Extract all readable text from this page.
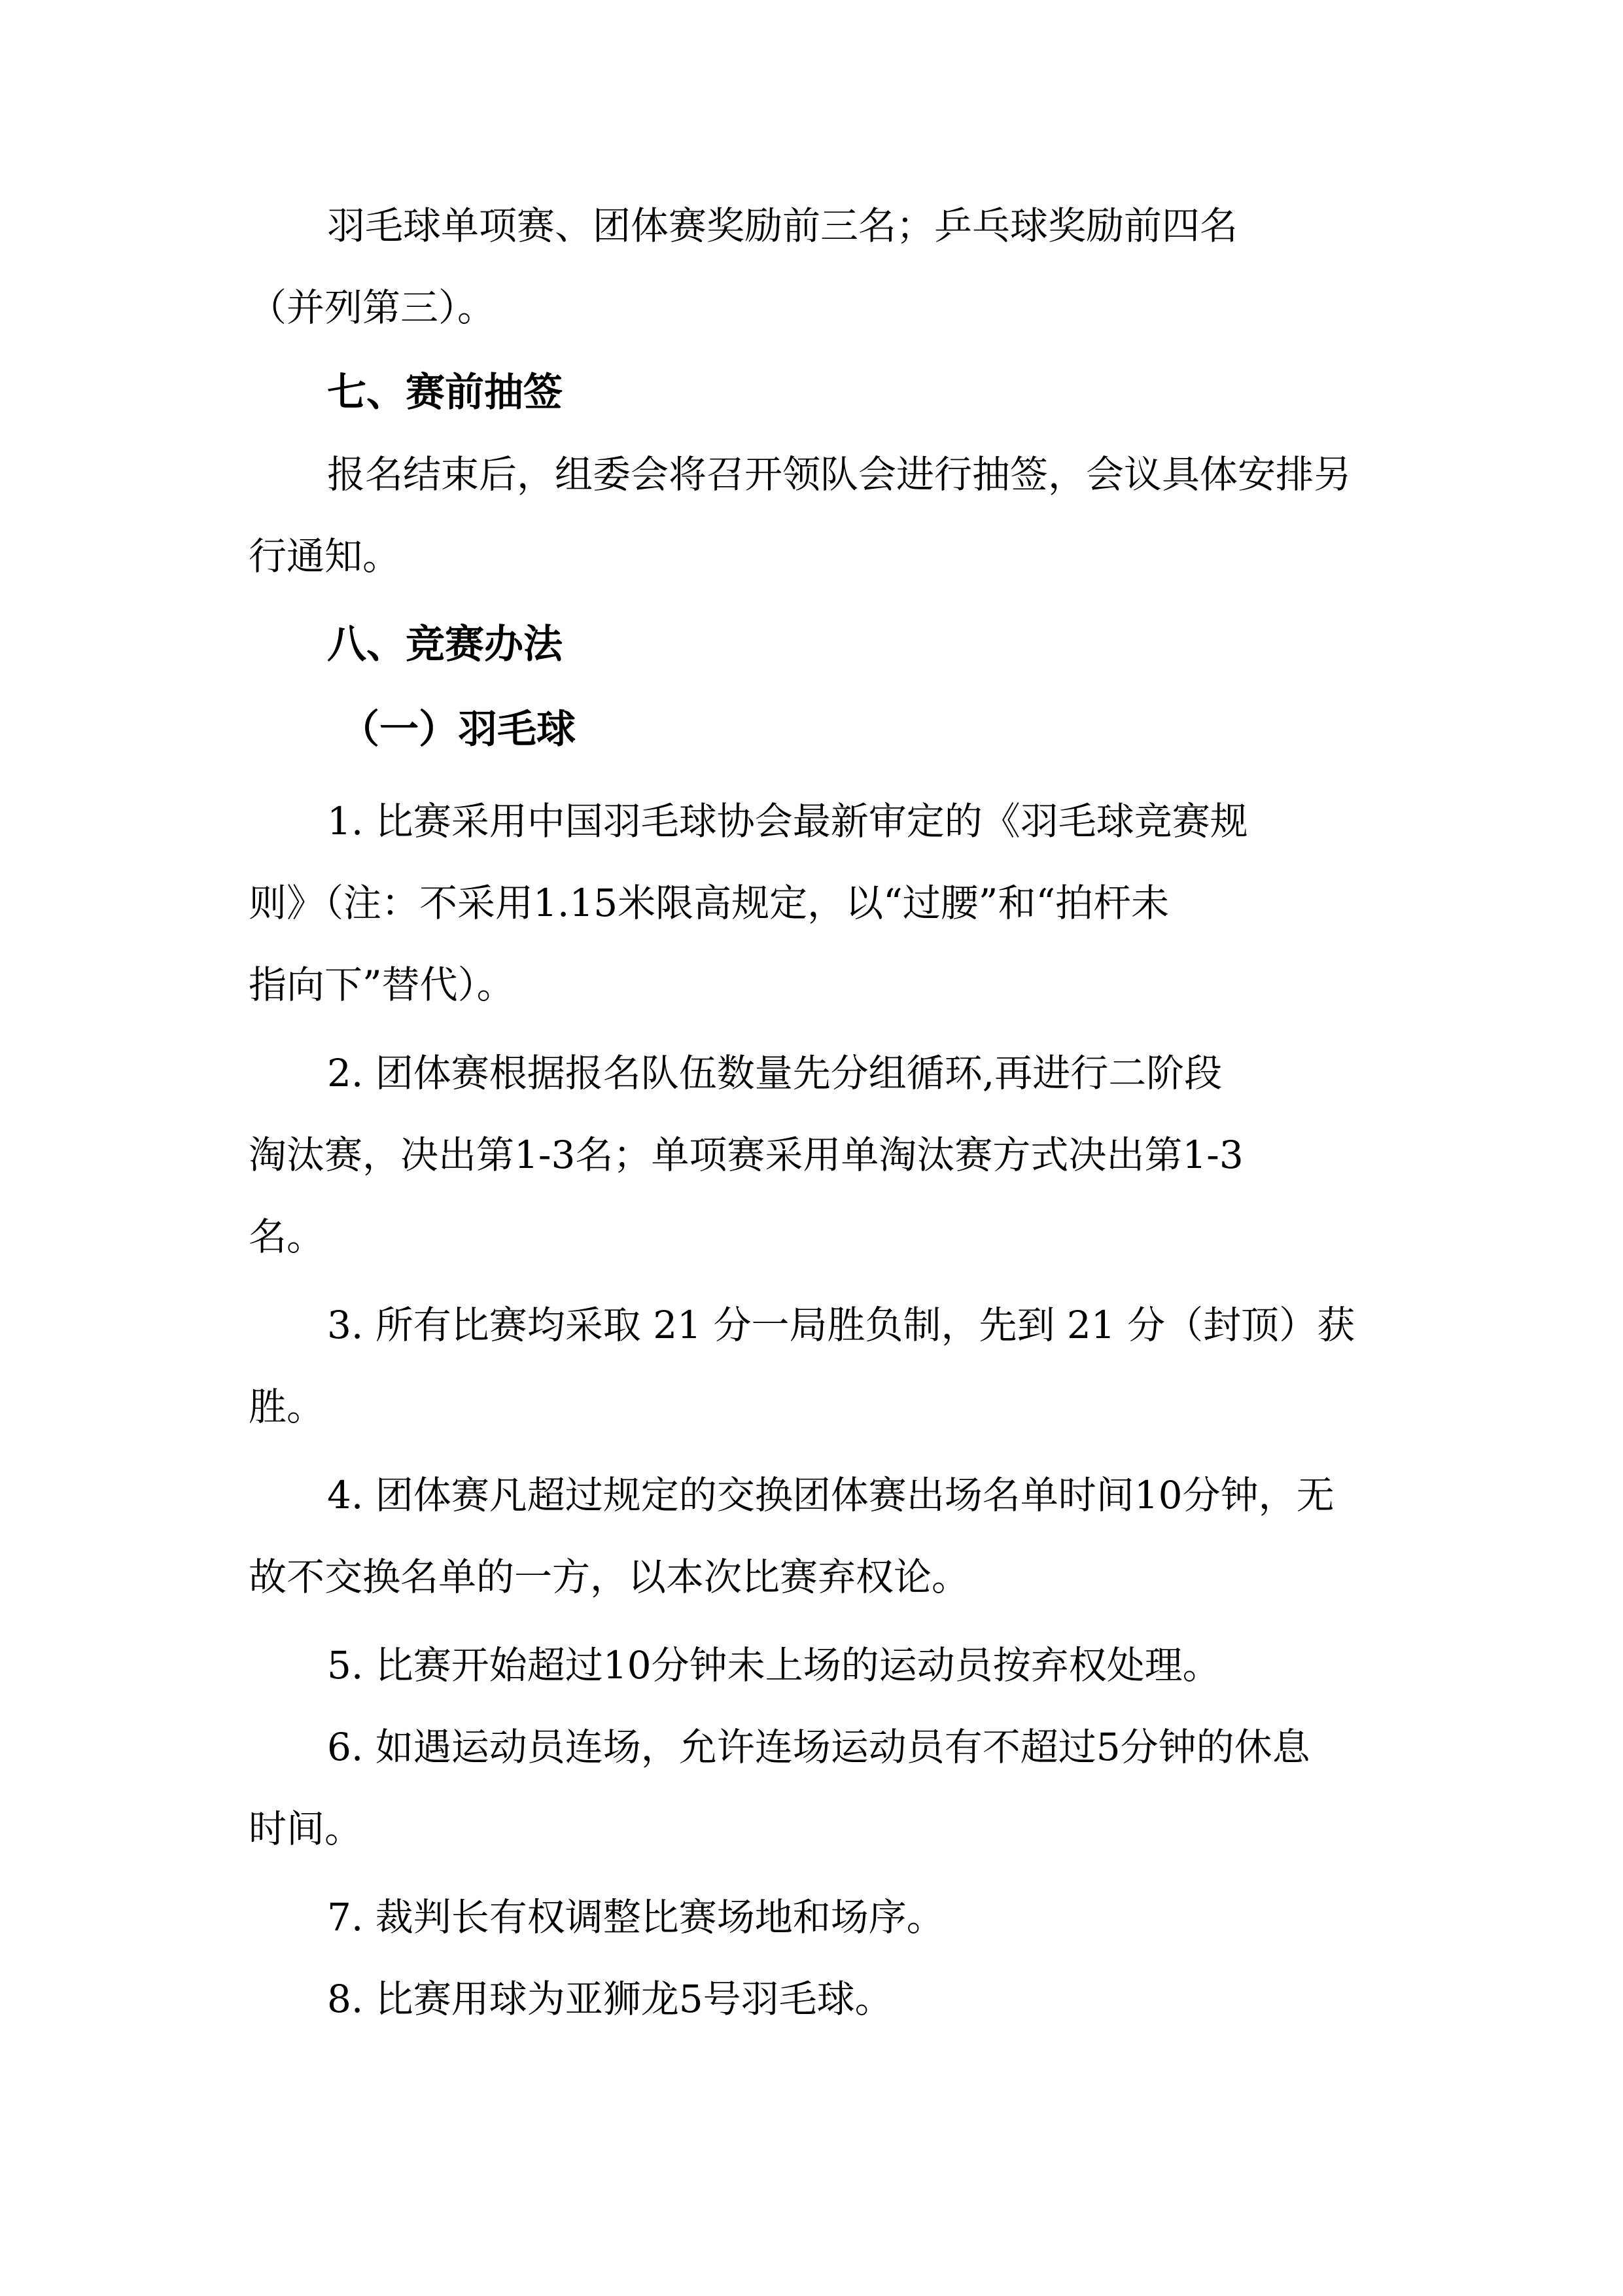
羽毛球单项赛、团体赛奖励前三名；乒乓球奖励前四名
（并列第三）。
七、赛前抽签
报名结束后，组委会将召开领队会进行抽签，会议具体安排另
行通知。
八、竞赛办法
（一）羽毛球
1. 比赛采用中国羽毛球协会最新审定的《羽毛球竞赛规
则》（注：不采用1.15米限高规定，以“过腰”和“拍杆未
指向下”替代）。
2. 团体赛根据报名队伍数量先分组循环,再进行二阶段
淘汰赛，决出第1-3名；单项赛采用单淘汰赛方式决出第1-3
名。
3. 所有比赛均采取 21 分一局胜负制，先到 21 分（封顶）获
胜。
4. 团体赛凡超过规定的交换团体赛出场名单时间10分钟，无
故不交换名单的一方，以本次比赛弃权论。
5. 比赛开始超过10分钟未上场的运动员按弃权处理。
6. 如遇运动员连场，允许连场运动员有不超过5分钟的休息
时间。
7. 裁判长有权调整比赛场地和场序。
8. 比赛用球为亚狮龙5号羽毛球。
